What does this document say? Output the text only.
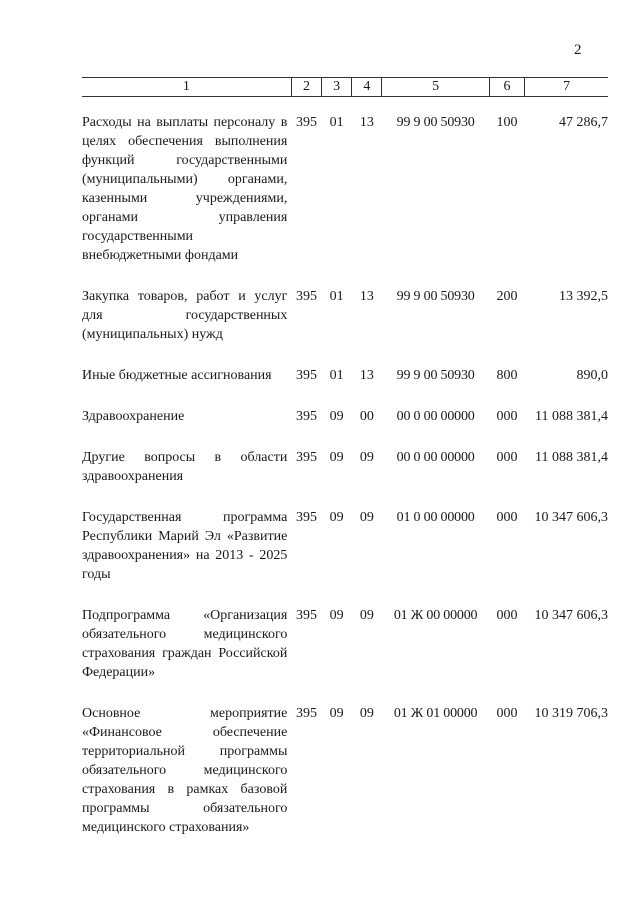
2
1	2	3	4	5	6	7

Расходы на выплаты персоналу в целях обеспечения выполнения функций государственными (муниципальными) органами, казенными учреждениями, органами управления государственными внебюджетными фондами	395	01	13	99 9 00 50930	100	47 286,7

Закупка товаров, работ и услуг для государственных (муниципальных) нужд	395	01	13	99 9 00 50930	200	13 392,5

Иные бюджетные ассигнования	395	01	13	99 9 00 50930	800	890,0

Здравоохранение	395	09	00	00 0 00 00000	000	11 088 381,4

Другие вопросы в области здравоохранения	395	09	09	00 0 00 00000	000	11 088 381,4

Государственная программа Республики Марий Эл «Развитие здравоохранения» на 2013 - 2025 годы	395	09	09	01 0 00 00000	000	10 347 606,3

Подпрограмма «Организация обязательного медицинского страхования граждан Российской Федерации»	395	09	09	01 Ж 00 00000	000	10 347 606,3

Основное мероприятие «Финансовое обеспечение территориальной программы обязательного медицинского страхования в рамках базовой программы обязательного медицинского страхования»	395	09	09	01 Ж 01 00000	000	10 319 706,3
